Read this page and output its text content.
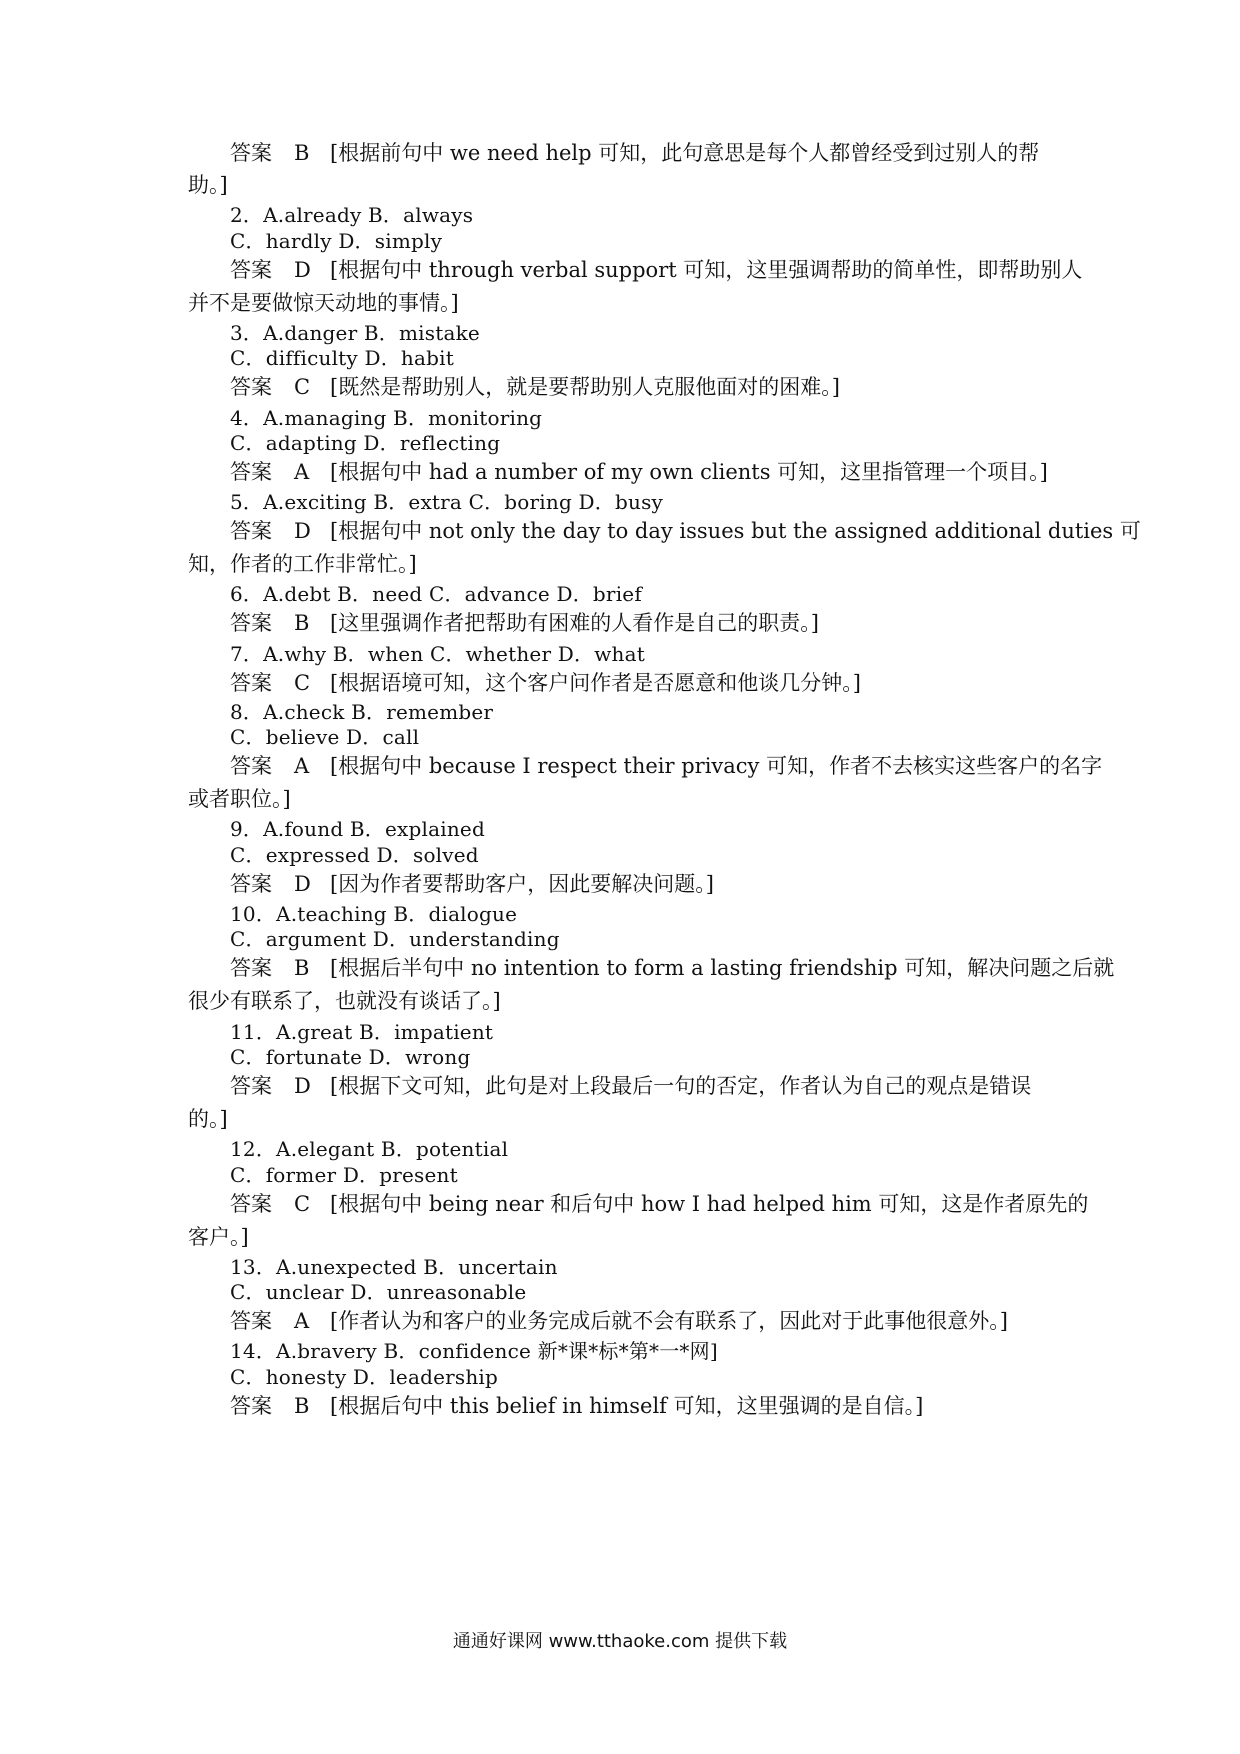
答案 B [根据前句中 we need help 可知，此句意思是每个人都曾经受到过别人的帮
助。]
2．A.already B．always
C．hardly D．simply
答案 D [根据句中 through verbal support 可知，这里强调帮助的简单性，即帮助别人
并不是要做惊天动地的事情。]
3．A.danger B．mistake
C．difficulty D．habit
答案 C [既然是帮助别人，就是要帮助别人克服他面对的困难。]
4．A.managing B．monitoring
C．adapting D．reflecting
答案 A [根据句中 had a number of my own clients 可知，这里指管理一个项目。]
5．A.exciting B．extra C．boring D．busy
答案 D [根据句中 not only the day to day issues but the assigned additional duties 可
知，作者的工作非常忙。]
6．A.debt B．need C．advance D．brief
答案 B [这里强调作者把帮助有困难的人看作是自己的职责。]
7．A.why B．when C．whether D．what
答案 C [根据语境可知，这个客户问作者是否愿意和他谈几分钟。]
8．A.check B．remember
C．believe D．call
答案 A [根据句中 because I respect their privacy 可知，作者不去核实这些客户的名字
或者职位。]
9．A.found B．explained
C．expressed D．solved
答案 D [因为作者要帮助客户，因此要解决问题。]
10．A.teaching B．dialogue
C．argument D．understanding
答案 B [根据后半句中 no intention to form a lasting friendship 可知，解决问题之后就
很少有联系了，也就没有谈话了。]
11．A.great B．impatient
C．fortunate D．wrong
答案 D [根据下文可知，此句是对上段最后一句的否定，作者认为自己的观点是错误
的。]
12．A.elegant B．potential
C．former D．present
答案 C [根据句中 being near 和后句中 how I had helped him 可知，这是作者原先的
客户。]
13．A.unexpected B．uncertain
C．unclear D．unreasonable
答案 A [作者认为和客户的业务完成后就不会有联系了，因此对于此事他很意外。]
14．A.bravery B．confidence 新*课*标*第*一*网]
C．honesty D．leadership
答案 B [根据后句中 this belief in himself 可知，这里强调的是自信。]
通通好课网 www.tthaoke.com 提供下载
